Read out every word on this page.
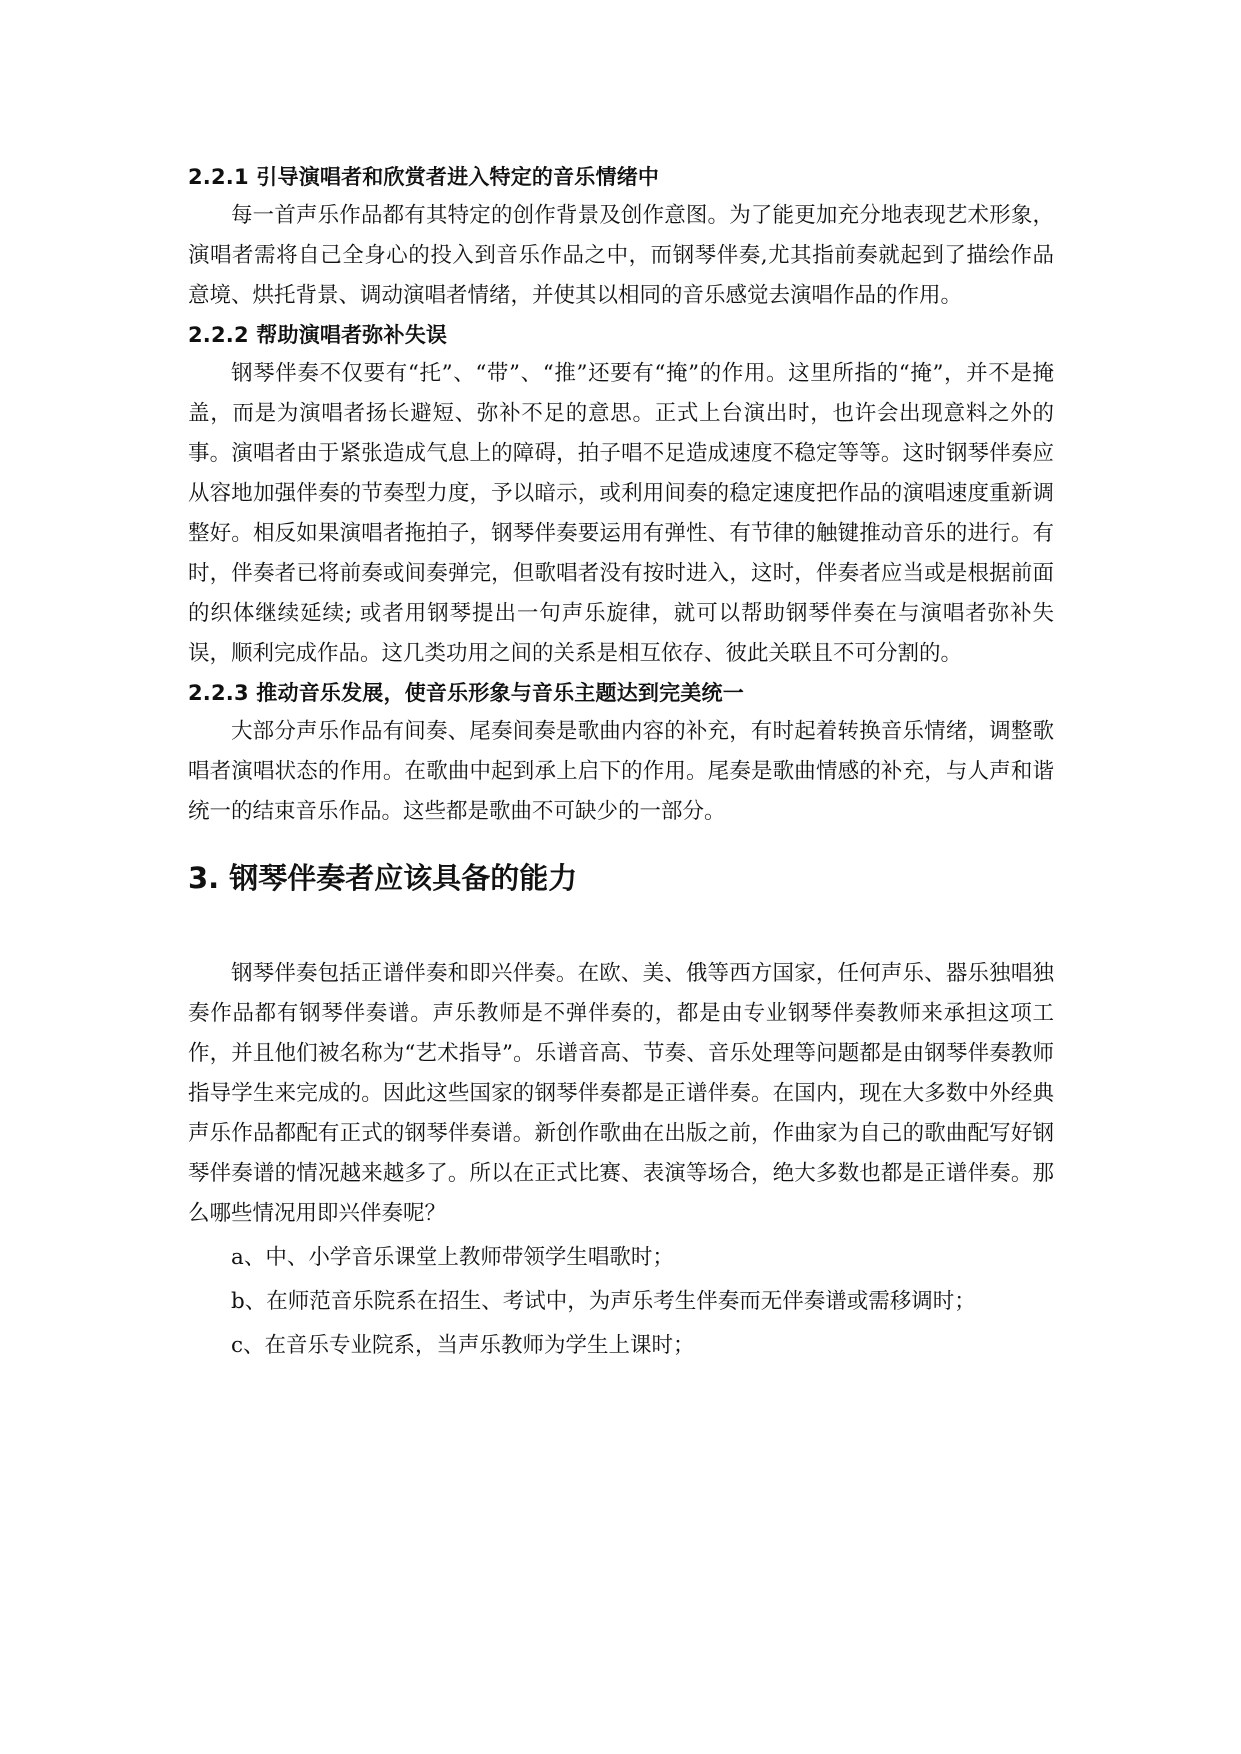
2.2.1 引导演唱者和欣赏者进入特定的音乐情绪中

每一首声乐作品都有其特定的创作背景及创作意图。为了能更加充分地表现艺术形象，演唱者需将自己全身心的投入到音乐作品之中，而钢琴伴奏,尤其指前奏就起到了描绘作品意境、烘托背景、调动演唱者情绪，并使其以相同的音乐感觉去演唱作品的作用。

2.2.2 帮助演唱者弥补失误

钢琴伴奏不仅要有“托”、“带”、“推”还要有“掩”的作用。这里所指的“掩”，并不是掩盖，而是为演唱者扬长避短、弥补不足的意思。正式上台演出时，也许会出现意料之外的事。演唱者由于紧张造成气息上的障碍，拍子唱不足造成速度不稳定等等。这时钢琴伴奏应从容地加强伴奏的节奏型力度，予以暗示，或利用间奏的稳定速度把作品的演唱速度重新调整好。相反如果演唱者拖拍子，钢琴伴奏要运用有弹性、有节律的触键推动音乐的进行。有时，伴奏者已将前奏或间奏弹完，但歌唱者没有按时进入，这时，伴奏者应当或是根据前面的织体继续延续; 或者用钢琴提出一句声乐旋律，就可以帮助钢琴伴奏在与演唱者弥补失误，顺利完成作品。这几类功用之间的关系是相互依存、彼此关联且不可分割的。

2.2.3 推动音乐发展，使音乐形象与音乐主题达到完美统一

大部分声乐作品有间奏、尾奏间奏是歌曲内容的补充，有时起着转换音乐情绪，调整歌唱者演唱状态的作用。在歌曲中起到承上启下的作用。尾奏是歌曲情感的补充，与人声和谐统一的结束音乐作品。这些都是歌曲不可缺少的一部分。

3. 钢琴伴奏者应该具备的能力

钢琴伴奏包括正谱伴奏和即兴伴奏。在欧、美、俄等西方国家，任何声乐、器乐独唱独奏作品都有钢琴伴奏谱。声乐教师是不弹伴奏的，都是由专业钢琴伴奏教师来承担这项工作，并且他们被名称为“艺术指导”。乐谱音高、节奏、音乐处理等问题都是由钢琴伴奏教师指导学生来完成的。因此这些国家的钢琴伴奏都是正谱伴奏。在国内，现在大多数中外经典声乐作品都配有正式的钢琴伴奏谱。新创作歌曲在出版之前，作曲家为自己的歌曲配写好钢琴伴奏谱的情况越来越多了。所以在正式比赛、表演等场合，绝大多数也都是正谱伴奏。那么哪些情况用即兴伴奏呢？

a、中、小学音乐课堂上教师带领学生唱歌时；

b、在师范音乐院系在招生、考试中，为声乐考生伴奏而无伴奏谱或需移调时；

c、在音乐专业院系，当声乐教师为学生上课时；
